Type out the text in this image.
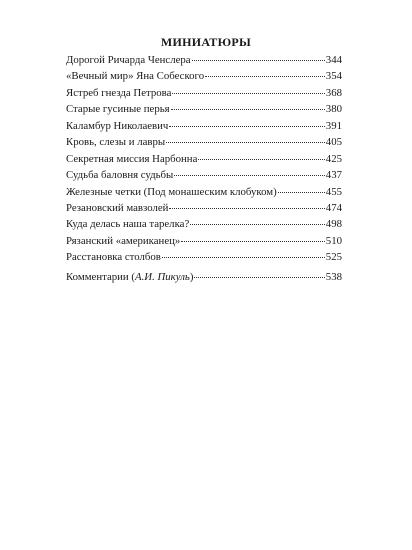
МИНИАТЮРЫ
Дорогой Ричарда Ченслера	344
«Вечный мир» Яна Собеского	354
Ястреб гнезда Петрова	368
Старые гусиные перья	380
Каламбур Николаевич	391
Кровь, слезы и лавры	405
Секретная миссия Нарбонна	425
Судьба баловня судьбы	437
Железные четки (Под монашеским клобуком)	455
Резановский мавзолей	474
Куда делась наша тарелка?	498
Рязанский «американец»	510
Расстановка столбов	525
Комментарии (А.И. Пикуль)	538
